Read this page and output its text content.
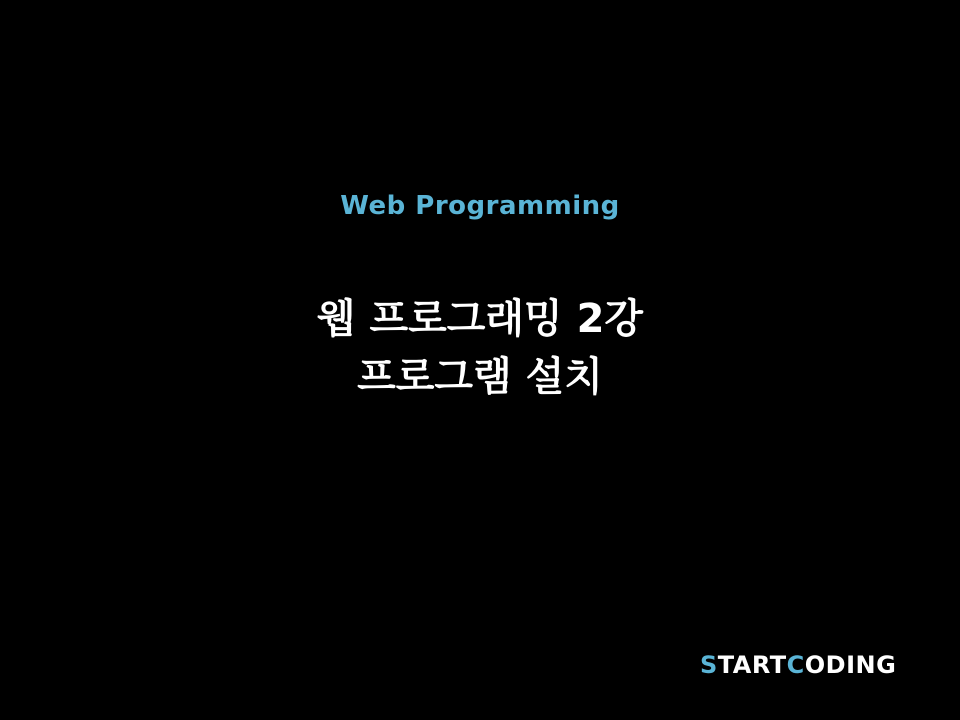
Web Programming
웹 프로그래밍 2강
프로그램 설치
STARTCODING
